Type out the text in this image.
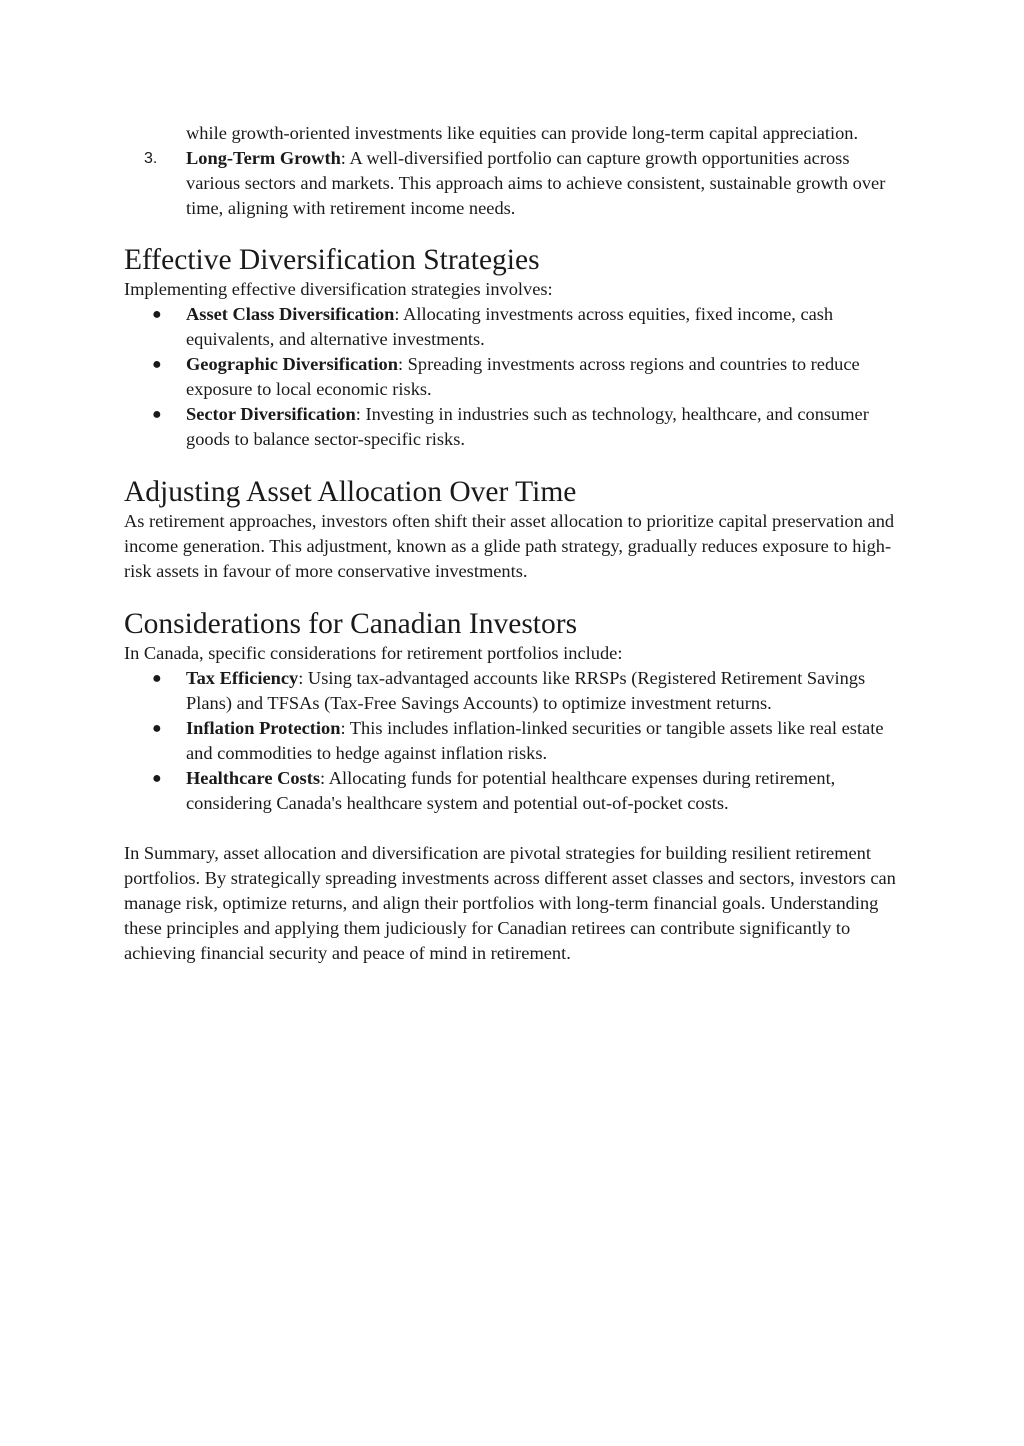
while growth-oriented investments like equities can provide long-term capital appreciation.

3.	Long-Term Growth: A well-diversified portfolio can capture growth opportunities across various sectors and markets. This approach aims to achieve consistent, sustainable growth over time, aligning with retirement income needs.
Effective Diversification Strategies

Implementing effective diversification strategies involves:

● Asset Class Diversification: Allocating investments across equities, fixed income, cash equivalents, and alternative investments.
● Geographic Diversification: Spreading investments across regions and countries to reduce exposure to local economic risks.
● Sector Diversification: Investing in industries such as technology, healthcare, and consumer goods to balance sector-specific risks.
Adjusting Asset Allocation Over Time

As retirement approaches, investors often shift their asset allocation to prioritize capital preservation and income generation. This adjustment, known as a glide path strategy, gradually reduces exposure to high-risk assets in favour of more conservative investments.

Considerations for Canadian Investors

In Canada, specific considerations for retirement portfolios include:

● Tax Efficiency: Using tax-advantaged accounts like RRSPs (Registered Retirement Savings Plans) and TFSAs (Tax-Free Savings Accounts) to optimize investment returns.
● Inflation Protection: This includes inflation-linked securities or tangible assets like real estate and commodities to hedge against inflation risks.
● Healthcare Costs: Allocating funds for potential healthcare expenses during retirement, considering Canada's healthcare system and potential out-of-pocket costs.

In Summary, asset allocation and diversification are pivotal strategies for building resilient retirement portfolios. By strategically spreading investments across different asset classes and sectors, investors can manage risk, optimize returns, and align their portfolios with long-term financial goals. Understanding these principles and applying them judiciously for Canadian retirees can contribute significantly to achieving financial security and peace of mind in retirement.
